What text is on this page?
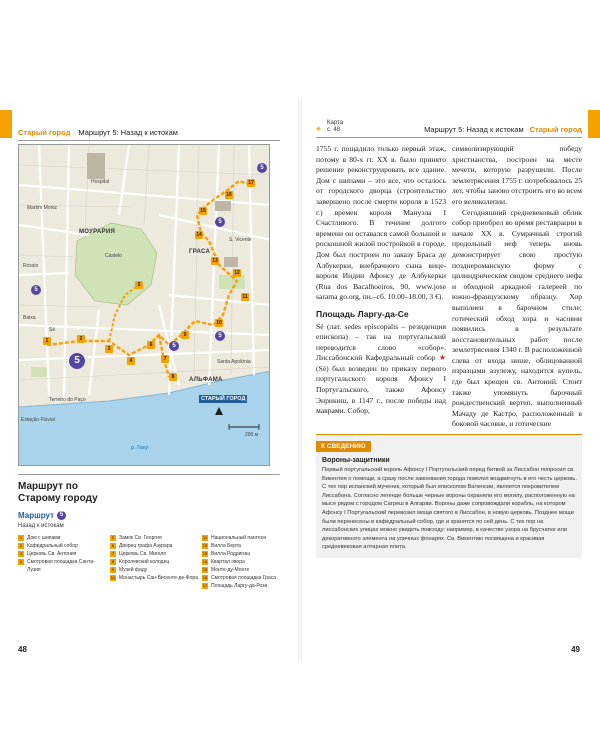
Старый город Маршрут 5: Назад к истокам
МОУРАРИЯ
ГРАСА
АЛЬФАМА
СТАРЫЙ ГОРОД
р. Тежу
Rossio
Hospital
Castelo
Martim Moniz
Baixa
Sé
Terreiro do Paço
Estação Fluvial
S. Vicente
Santa Apolónia
200 м
1	2
3
4
5
6
7
8
9
10
11
12
13
14
15
16
17
5
5
5
5
5
5
Маршрут по
Старому городу
Маршрут 5
Назад к истокам
1 Дом с шипами
2 Кафедральный собор
3 Церковь Св. Антония
4 Смотровая площадка Санта-Лузия
5 Замок Св. Георгия
6 Дворец графа Азурара
7 Церковь Св. Мигеля
8 Королевский колодец
9 Музей фаду
10 Монастырь Сан-Висенте-де-Фора
11 Национальный пантеон
12 Вилла Берта
13 Вилла Родригиш
14 Квартал эвора
15 Монте-ду-Монте
16 Смотровая площадка Граса
17 Площадь Ларгу-да-Роза
48
⌖
Карта
с. 48	Маршрут 5: Назад к истокам Старый город

1755 г. пощадило только первый этаж, потому в 80-х гг. XX в. было принято решение реконструировать все здание. Дом с шипами – это все, что осталось от городского дворца (строительство завершено после смерти короля в 1523 г.) времен короля Мануэла I Счастливого. В течение долгого времени он оставался самой большой и роскошной жилой постройкой в городе. Дом был построен по заказу Браса де Албукерки, внебрачного сына вице-короля Индии Афонсу де Албукерки (Rua dos Bacalhoeiros, 90, www.jose sarama go.org, пн.–сб. 10.00–18.00, 3 €).

Площадь Ларгу-да-Се

Sé (лат. sedes episcopalis – резиденция епископа) – так на португальский переводится слово «собор». Лиссабонский Кафедральный собор ★ (Sé) был возведен по приказу первого португальского короля Афонсу I Португальского, также Афонсу Энрикиш, в 1147 г., после победы над маврами. Собор,

символизирующий победу христианства, построен на месте мечети, которую разрушили. После землетрясения 1755 г. потребовалось 25 лет, чтобы заново отстроить его во всем его великолепии.

Сегодняшний средневековый облик собор приобрел во время реставрации в начале XX в. Сумрачный строгий продольный неф теперь вновь демонстрирует свою простую позднероманскую форму с цилиндрическим сводом среднего нефа и обходной аркадной галереей по южно-французскому образцу. Хор выполнен в барочном стиле; готический обход хора и часовни появились в результате восстановительных работ после землетрясения 1340 г. В расположенной слева от входа нише, облицованной изразцами азулежу, находится купель, где был крещен св. Антоний. Стоит также упомянуть барочный рождественский вертеп, выполненный Мачаду де Кастро, расположенный в боковой часовне, и готические

К СВЕДЕНИЮ
Вороны-защитники
Первый португальский король Афонсу I Португальский перед битвой за Лиссабон попросил св. Викентия о помощи, а сразу после завоевания города повелел воздвигнуть в его честь церковь. С тех пор испанский мученик, который был епископом Валенсии, является покровителем Лиссабона. Согласно легенде больше черные вороны охраняли его могилу, расположенную на мысе рядом с городом Сагреш в Алгарви. Вороны даже сопровождали корабль, на котором Афонсу I Португальский перевозил мощи святого в Лиссабон, в новую церковь. Позднее мощи были перенесены в кафедральный собор, где и хранятся по сей день. С тех пор на лиссабонских улицах можно увидеть повсюду: например, в качестве узора на брусчатке или декоративного элемента на уличных фонарях. Св. Викентию посвящена и красивая средневековая алтарная плита.
49
